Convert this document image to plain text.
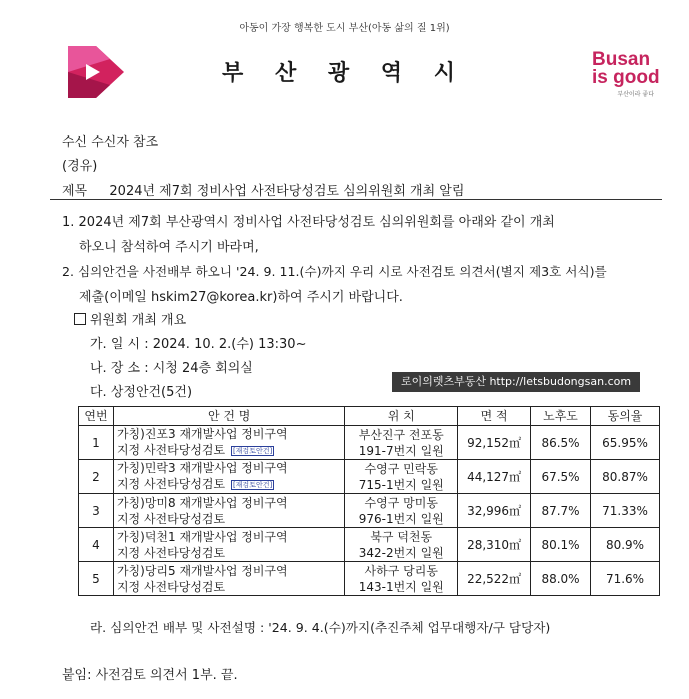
아동이 가장 행복한 도시 부산(아동 삶의 질 1위)
부 산 광 역 시
Busan
is good
부산이라 좋다
수신 수신자 참조
(경유)
제목 2024년 제7회 정비사업 사전타당성검토 심의위원회 개최 알림
1. 2024년 제7회 부산광역시 정비사업 사전타당성검토 심의위원회를 아래와 같이 개최
하오니 참석하여 주시기 바라며,
2. 심의안건을 사전배부 하오니 '24. 9. 11.(수)까지 우리 시로 사전검토 의견서(별지 제3호 서식)를
제출(이메일 hskim27@korea.kr)하여 주시기 바랍니다.
위원회 개최 개요
가. 일 시 : 2024. 10. 2.(수) 13:30~
나. 장 소 : 시청 24층 회의실
다. 상정안건(5건)
로이의렛츠부동산 http://letsbudongsan.com
연번	안 건 명	위 치	면 적	노후도	동의율
1	가칭)진포3 재개발사업 정비구역
지정 사전타당성검토 [재검토안건]	부산진구 전포동
191-7번지 일원	92,152㎡	86.5%	65.95%
2	가칭)민락3 재개발사업 정비구역
지정 사전타당성검토 [재검토안건]	수영구 민락동
715-1번지 일원	44,127㎡	67.5%	80.87%
3	가칭)망미8 재개발사업 정비구역
지정 사전타당성검토	수영구 망미동
976-1번지 일원	32,996㎡	87.7%	71.33%
4	가칭)덕천1 재개발사업 정비구역
지정 사전타당성검토	북구 덕천동
342-2번지 일원	28,310㎡	80.1%	80.9%
5	가칭)당리5 재개발사업 정비구역
지정 사전타당성검토	사하구 당리동
143-1번지 일원	22,522㎡	88.0%	71.6%
라. 심의안건 배부 및 사전설명 : '24. 9. 4.(수)까지(추진주체 업무대행자/구 담당자)
붙임: 사전검토 의견서 1부. 끝.
